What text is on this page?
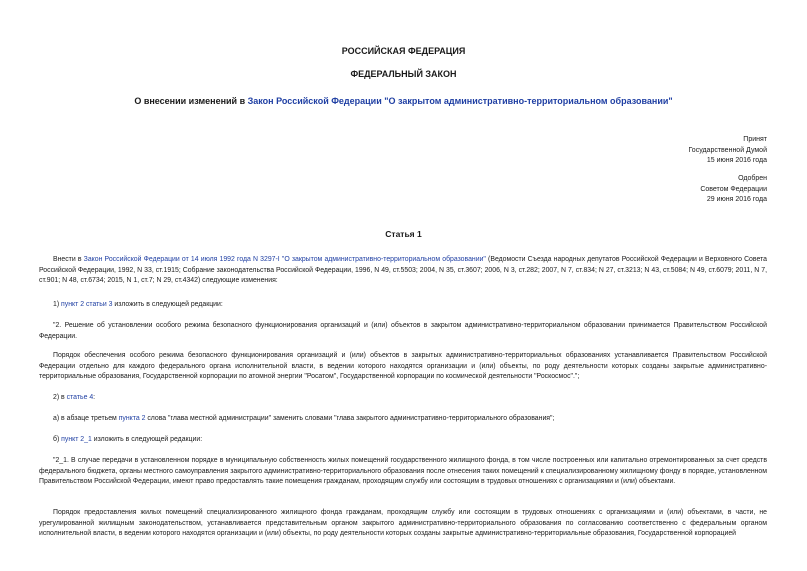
РОССИЙСКАЯ ФЕДЕРАЦИЯ
ФЕДЕРАЛЬНЫЙ ЗАКОН
О внесении изменений в Закон Российской Федерации "О закрытом административно-территориальном образовании"
Принят
Государственной Думой
15 июня 2016 года
Одобрен
Советом Федерации
29 июня 2016 года
Статья 1

Внести в Закон Российской Федерации от 14 июля 1992 года N 3297-I "О закрытом административно-территориальном образовании" (Ведомости Съезда народных депутатов Российской Федерации и Верховного Совета Российской Федерации, 1992, N 33, ст.1915; Собрание законодательства Российской Федерации, 1996, N 49, ст.5503; 2004, N 35, ст.3607; 2006, N 3, ст.282; 2007, N 7, ст.834; N 27, ст.3213; N 43, ст.5084; N 49, ст.6079; 2011, N 7, ст.901; N 48, ст.6734; 2015, N 1, ст.7; N 29, ст.4342) следующие изменения:

1) пункт 2 статьи 3 изложить в следующей редакции:

"2. Решение об установлении особого режима безопасного функционирования организаций и (или) объектов в закрытом административно-территориальном образовании принимается Правительством Российской Федерации.

Порядок обеспечения особого режима безопасного функционирования организаций и (или) объектов в закрытых административно-территориальных образованиях устанавливается Правительством Российской Федерации отдельно для каждого федерального органа исполнительной власти, в ведении которого находятся организации и (или) объекты, по роду деятельности которых созданы закрытые административно-территориальные образования, Государственной корпорации по атомной энергии "Росатом", Государственной корпорации по космической деятельности "Роскосмос".";

2) в статье 4:

а) в абзаце третьем пункта 2 слова "глава местной администрации" заменить словами "глава закрытого административно-территориального образования";

б) пункт 2_1 изложить в следующей редакции:

"2_1. В случае передачи в установленном порядке в муниципальную собственность жилых помещений государственного жилищного фонда, в том числе построенных или капитально отремонтированных за счет средств федерального бюджета, органы местного самоуправления закрытого административно-территориального образования после отнесения таких помещений к специализированному жилищному фонду в порядке, установленном Правительством Российской Федерации, имеют право предоставлять такие помещения гражданам, проходящим службу или состоящим в трудовых отношениях с организациями и (или) объектами.

Порядок предоставления жилых помещений специализированного жилищного фонда гражданам, проходящим службу или состоящим в трудовых отношениях с организациями и (или) объектами, в части, не урегулированной жилищным законодательством, устанавливается представительным органом закрытого административно-территориального образования по согласованию соответственно с федеральным органом исполнительной власти, в ведении которого находятся организации и (или) объекты, по роду деятельности которых созданы закрытые административно-территориальные образования, Государственной корпорацией
